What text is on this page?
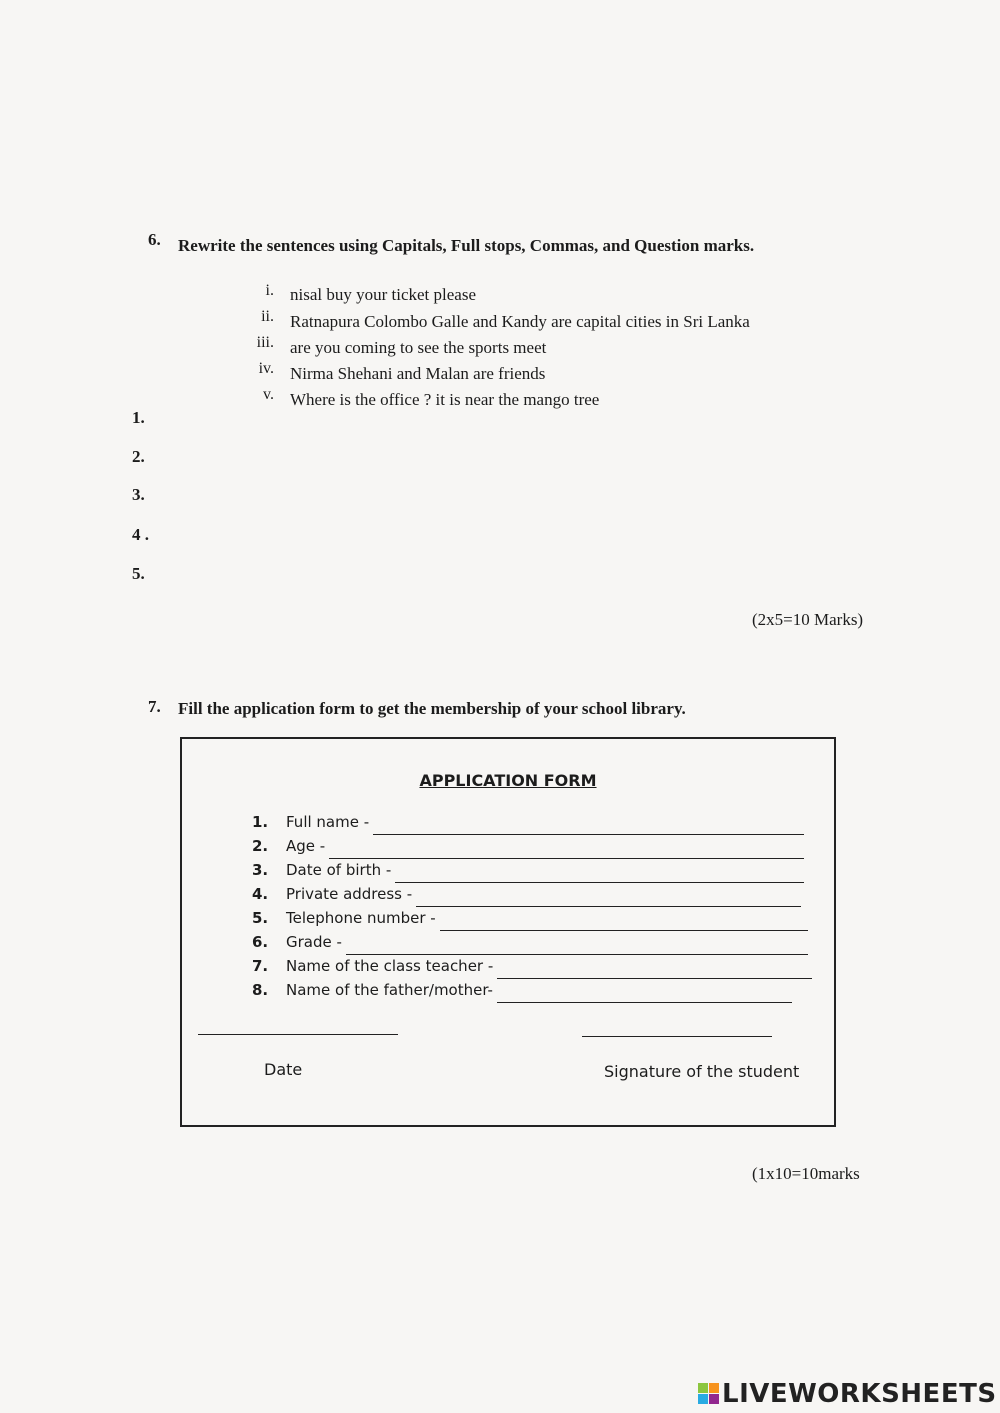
6. Rewrite the sentences using Capitals, Full stops, Commas, and Question marks.
i. nisal buy your ticket please
ii. Ratnapura Colombo Galle and Kandy are capital cities in Sri Lanka
iii. are you coming to see the sports meet
iv. Nirma Shehani and Malan are friends
v. Where is the office ? it is near the mango tree
1.
2.
3.
4 .
5.
(2x5=10 Marks)
7. Fill the application form to get the membership of your school library.
APPLICATION FORM
1.	Full name -
2.	Age -
3.	Date of birth -
4.	Private address -
5.	Telephone number -
6.	Grade -
7.	Name of the class teacher -
8.	Name of the father/mother-
Date	Signature of the student
(1x10=10marks
LIVEWORKSHEETS
